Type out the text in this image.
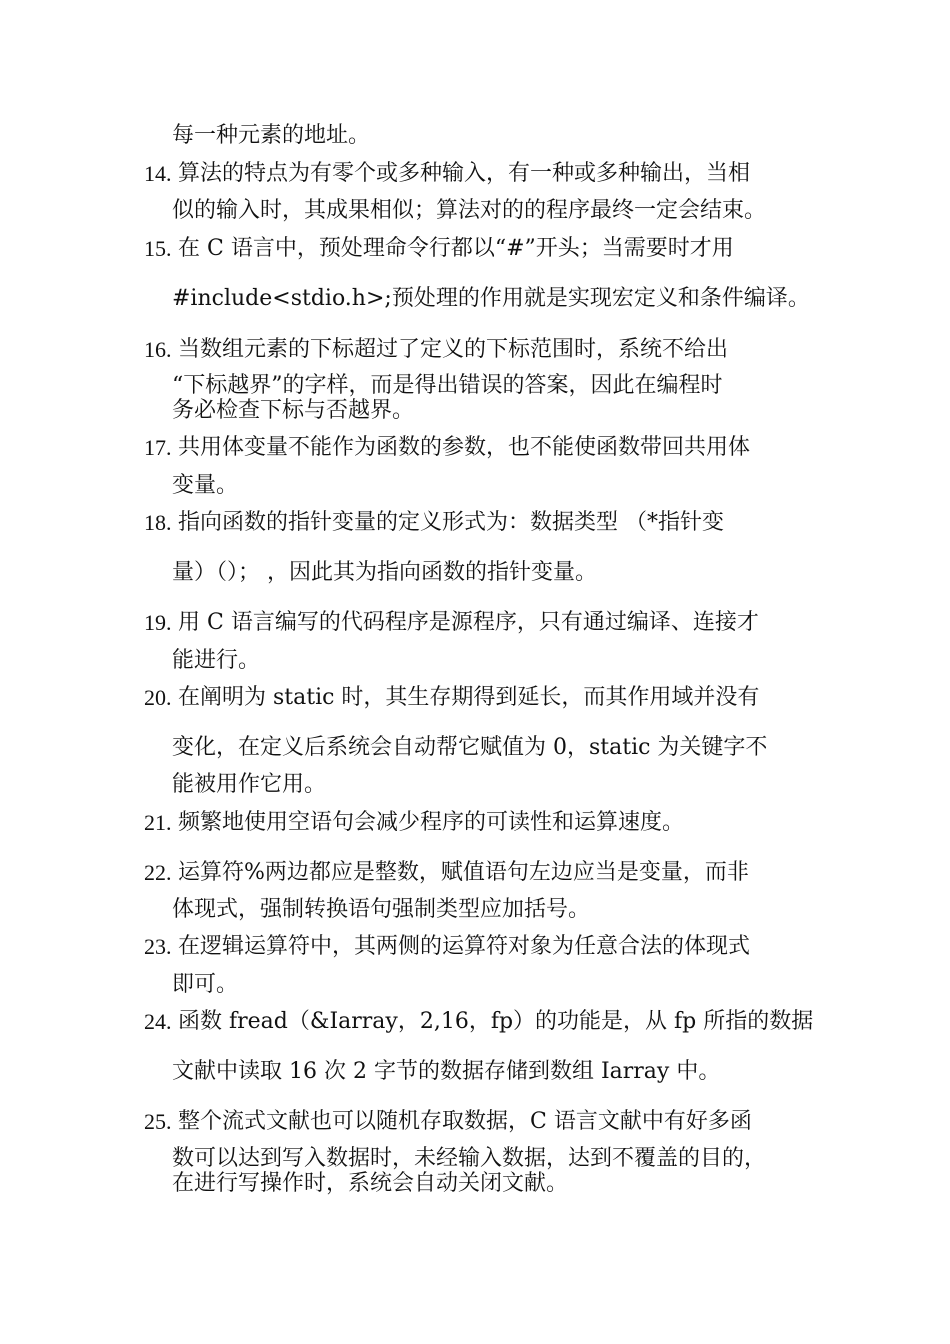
每一种元素的地址。
14. 算法的特点为有零个或多种输入，有一种或多种输出，当相
似的输入时，其成果相似；算法对的的程序最终一定会结束。
15. 在 C 语言中，预处理命令行都以“#”开头；当需要时才用
#include<stdio.h>;预处理的作用就是实现宏定义和条件编译。
16. 当数组元素的下标超过了定义的下标范围时，系统不给出
“下标越界”的字样，而是得出错误的答案，因此在编程时
务必检查下标与否越界。
17. 共用体变量不能作为函数的参数，也不能使函数带回共用体
变量。
18. 指向函数的指针变量的定义形式为：数据类型 （*指针变
量）（）； ，因此其为指向函数的指针变量。
19. 用 C 语言编写的代码程序是源程序，只有通过编译、连接才
能进行。
20. 在阐明为 static 时，其生存期得到延长，而其作用域并没有
变化，在定义后系统会自动帮它赋值为 0，static 为关键字不
能被用作它用。
21. 频繁地使用空语句会减少程序的可读性和运算速度。
22. 运算符%两边都应是整数，赋值语句左边应当是变量，而非
体现式，强制转换语句强制类型应加括号。
23. 在逻辑运算符中，其两侧的运算符对象为任意合法的体现式
即可。
24. 函数 fread（&Iarray，2,16，fp）的功能是，从 fp 所指的数据
文献中读取 16 次 2 字节的数据存储到数组 Iarray 中。
25. 整个流式文献也可以随机存取数据，C 语言文献中有好多函
数可以达到写入数据时，未经输入数据，达到不覆盖的目的，
在进行写操作时，系统会自动关闭文献。
